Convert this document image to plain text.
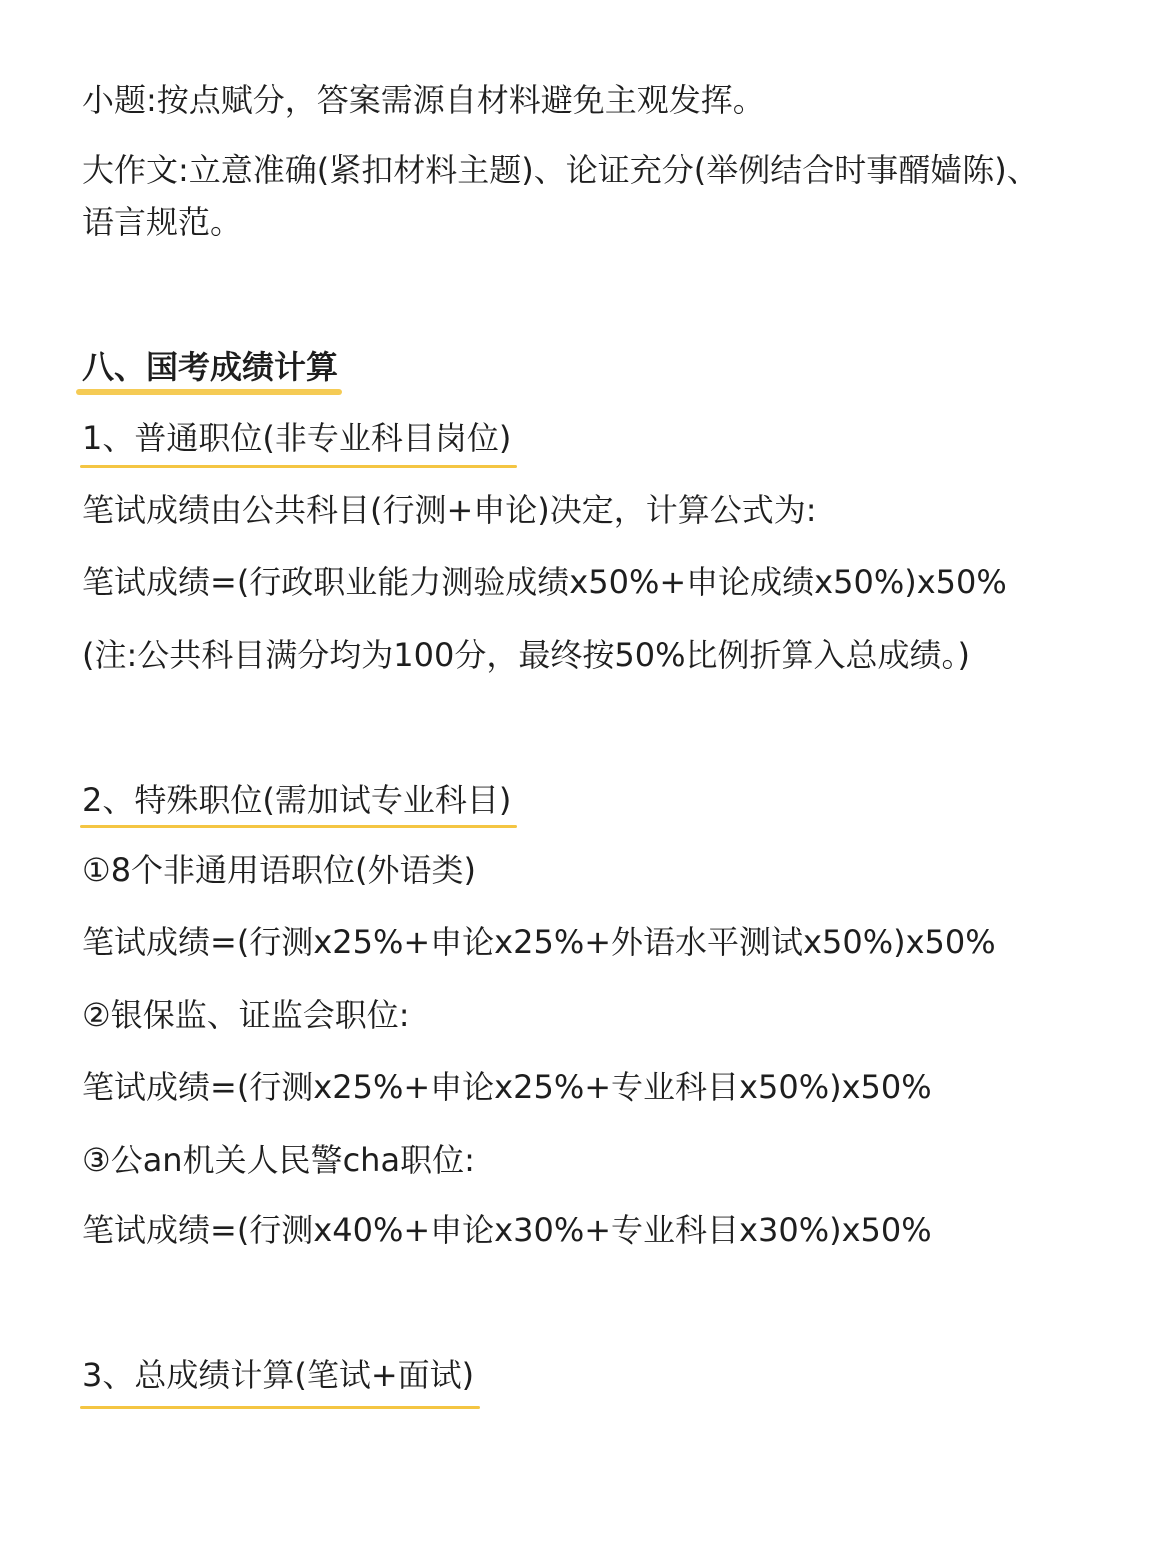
小题:按点赋分，答案需源自材料避免主观发挥。
大作文:立意准确(紧扣材料主题)、论证充分(举例结合时事醑嫱陈)、
语言规范。
八、国考成绩计算
1、普通职位(非专业科目岗位)
笔试成绩由公共科目(行测+申论)决定，计算公式为:
笔试成绩=(行政职业能力测验成绩x50%+申论成绩x50%)x50%
(注:公共科目满分均为100分，最终按50%比例折算入总成绩。)
2、特殊职位(需加试专业科目)
①8个非通用语职位(外语类)
笔试成绩=(行测x25%+申论x25%+外语水平测试x50%)x50%
②银保监、证监会职位:
笔试成绩=(行测x25%+申论x25%+专业科目x50%)x50%
③公an机关人民警cha职位:
笔试成绩=(行测x40%+申论x30%+专业科目x30%)x50%
3、总成绩计算(笔试+面试)
